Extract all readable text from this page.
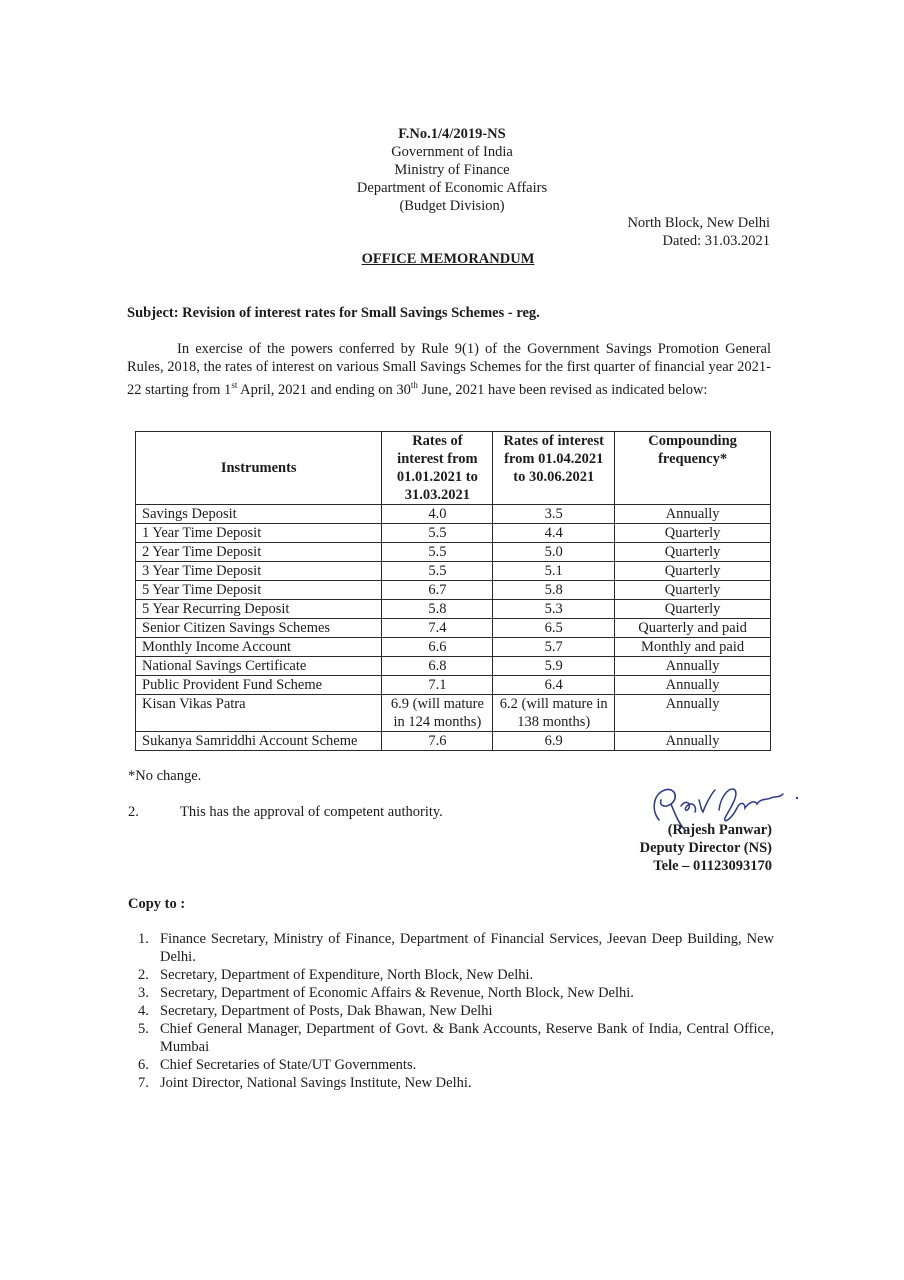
F.No.1/4/2019-NS
Government of India
Ministry of Finance
Department of Economic Affairs
(Budget Division)
North Block, New Delhi
Dated: 31.03.2021
OFFICE MEMORANDUM
Subject: Revision of interest rates for Small Savings Schemes - reg.
In exercise of the powers conferred by Rule 9(1) of the Government Savings Promotion General Rules, 2018, the rates of interest on various Small Savings Schemes for the first quarter of financial year 2021-22 starting from 1st April, 2021 and ending on 30th June, 2021 have been revised as indicated below:
Instruments	Rates of interest from 01.01.2021 to 31.03.2021	Rates of interest from 01.04.2021 to 30.06.2021	Compounding frequency*
Savings Deposit	4.0	3.5	Annually
1 Year Time Deposit	5.5	4.4	Quarterly
2 Year Time Deposit	5.5	5.0	Quarterly
3 Year Time Deposit	5.5	5.1	Quarterly
5 Year Time Deposit	6.7	5.8	Quarterly
5 Year Recurring Deposit	5.8	5.3	Quarterly
Senior Citizen Savings Schemes	7.4	6.5	Quarterly and paid
Monthly Income Account	6.6	5.7	Monthly and paid
National Savings Certificate	6.8	5.9	Annually
Public Provident Fund Scheme	7.1	6.4	Annually
Kisan Vikas Patra	6.9 (will mature in 124 months)	6.2 (will mature in 138 months)	Annually
Sukanya Samriddhi Account Scheme	7.6	6.9	Annually
*No change.
2.	This has the approval of competent authority.
(Rajesh Panwar)
Deputy Director (NS)
Tele – 01123093170
Copy to :
1. Finance Secretary, Ministry of Finance, Department of Financial Services, Jeevan Deep Building, New Delhi.
2. Secretary, Department of Expenditure, North Block, New Delhi.
3. Secretary, Department of Economic Affairs & Revenue, North Block, New Delhi.
4. Secretary, Department of Posts, Dak Bhawan, New Delhi
5. Chief General Manager, Department of Govt. & Bank Accounts, Reserve Bank of India, Central Office, Mumbai
6. Chief Secretaries of State/UT Governments.
7. Joint Director, National Savings Institute, New Delhi.
